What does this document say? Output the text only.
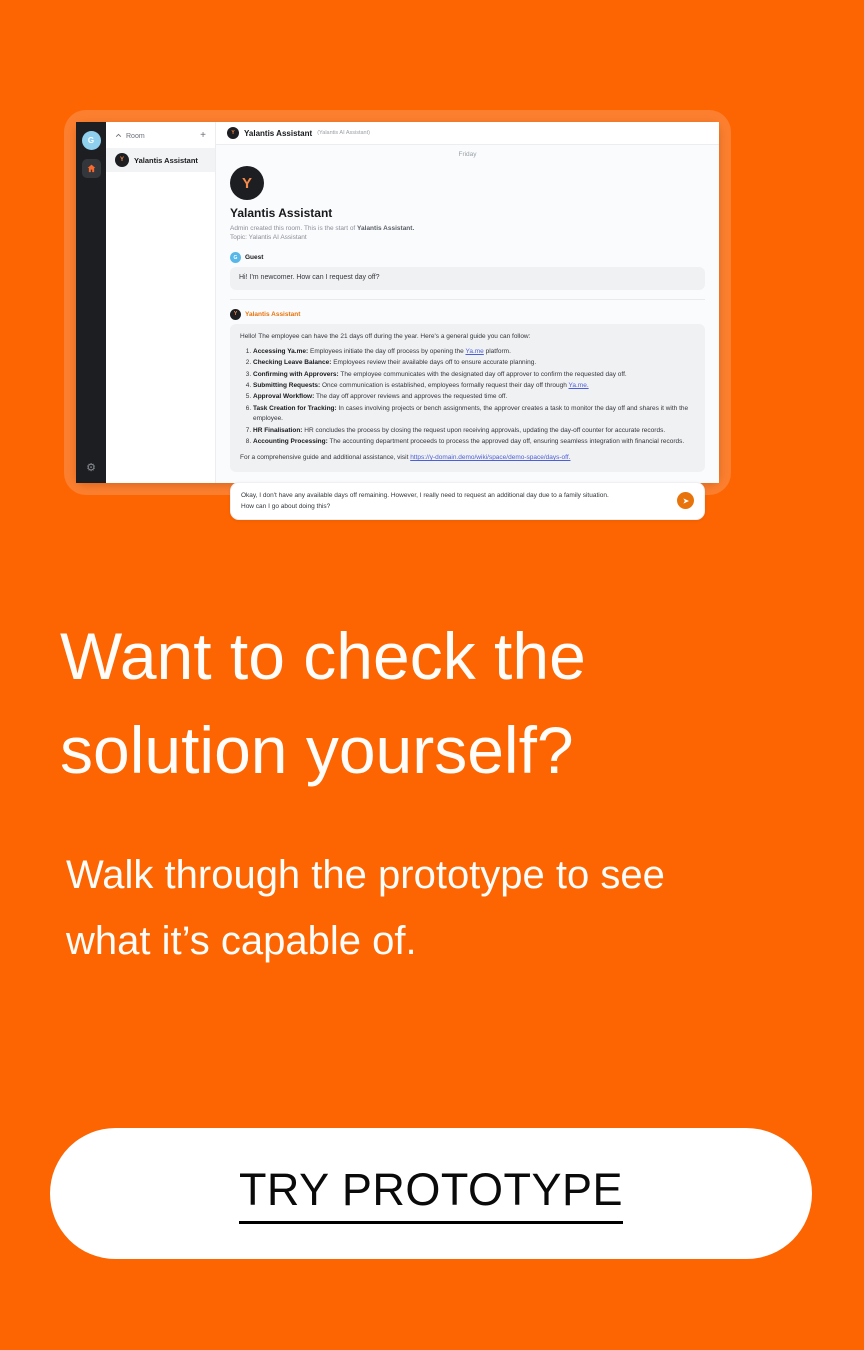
G
⚙
Room	+
Y	Yalantis Assistant
Y	Yalantis Assistant (Yalantis AI Assistant)
Friday
Y
Yalantis Assistant
Admin created this room. This is the start of Yalantis Assistant.
Topic: Yalantis AI Assistant
G	Guest
Hi! I'm newcomer. How can I request day off?
Y	Yalantis Assistant

Hello! The employee can have the 21 days off during the year. Here's a general guide you can follow:

1. Accessing Ya.me: Employees initiate the day off process by opening the Ya.me platform.
2. Checking Leave Balance: Employees review their available days off to ensure accurate planning.
3. Confirming with Approvers: The employee communicates with the designated day off approver to confirm the requested day off.
4. Submitting Requests: Once communication is established, employees formally request their day off through Ya.me.
5. Approval Workflow: The day off approver reviews and approves the requested time off.
6. Task Creation for Tracking: In cases involving projects or bench assignments, the approver creates a task to monitor the day off and shares it with the employee.
7. HR Finalisation: HR concludes the process by closing the request upon receiving approvals, updating the day-off counter for accurate records.
8. Accounting Processing: The accounting department proceeds to process the approved day off, ensuring seamless integration with financial records.

For a comprehensive guide and additional assistance, visit https://y-domain.demo/wiki/space/demo-space/days-off.

Okay, I don't have any available days off remaining. However, I really need to request an additional day due to a family situation.
How can I go about doing this?
Want to check the solution yourself?

Walk through the prototype to see what it’s capable of.

TRY PROTOTYPE
